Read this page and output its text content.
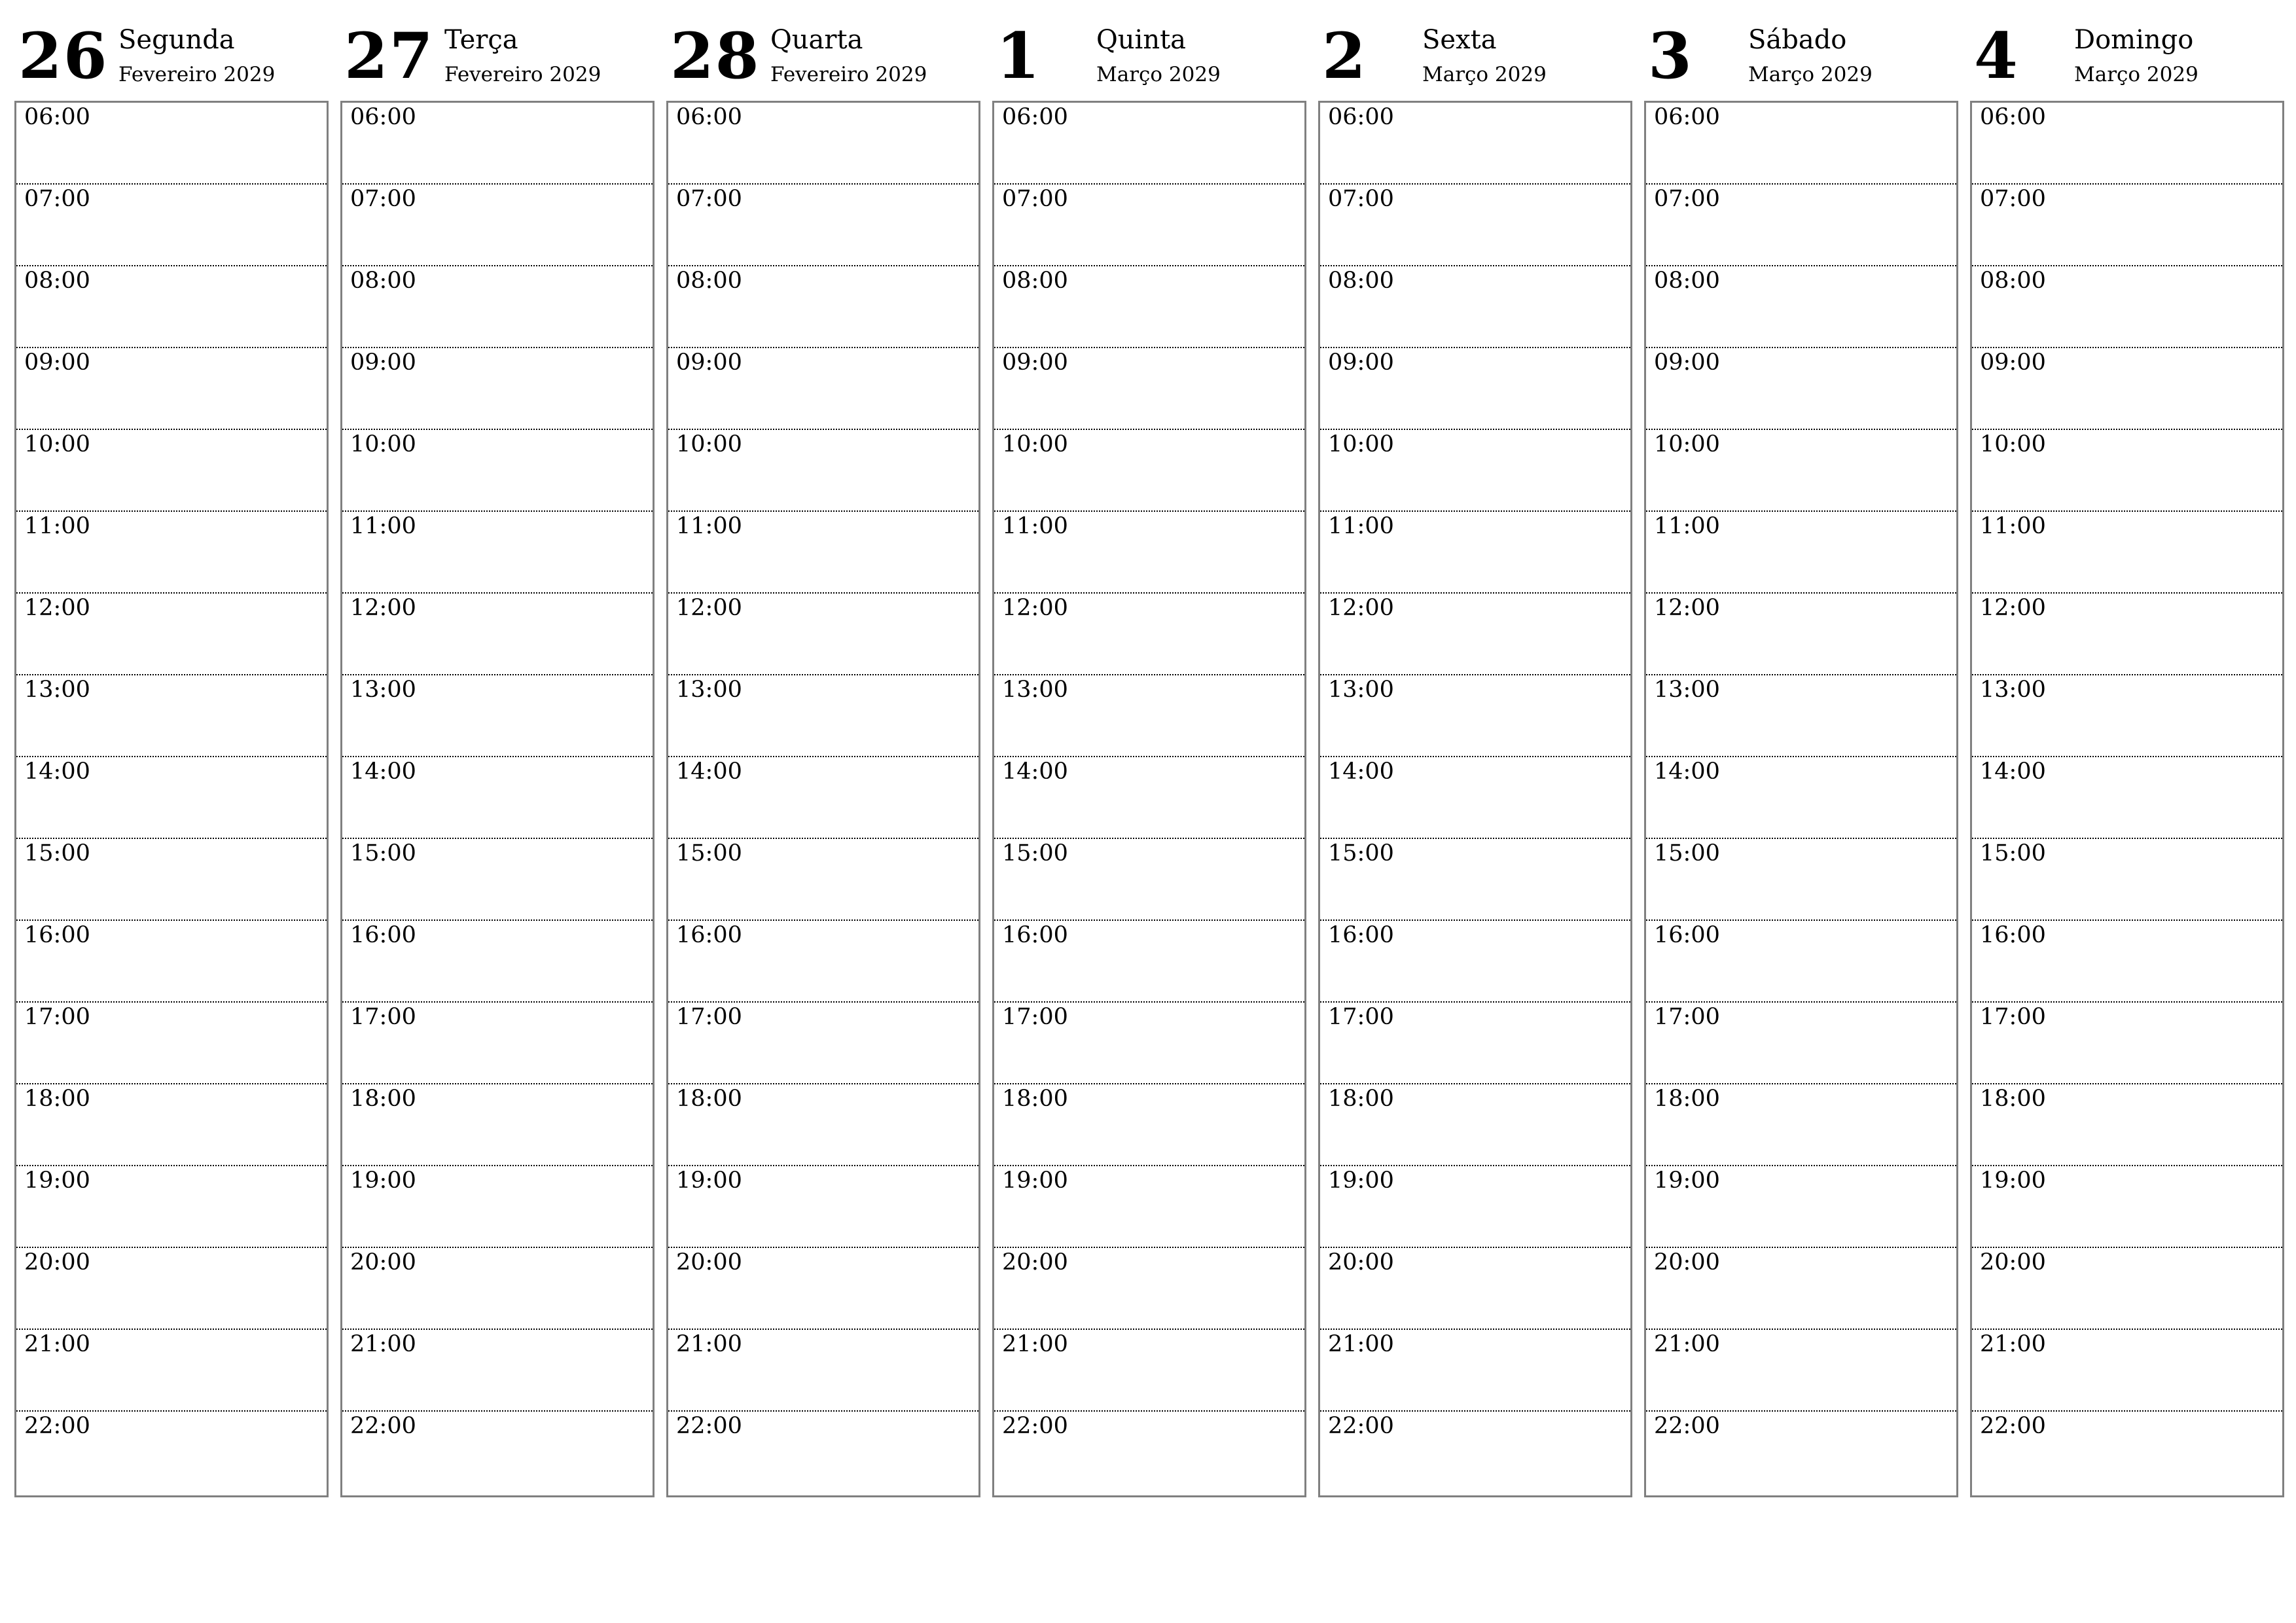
26 Segunda
Fevereiro 2029
06:00
07:00
08:00
09:00
10:00
11:00
12:00
13:00
14:00
15:00
16:00
17:00
18:00
19:00
20:00
21:00
22:00
27 Terça
Fevereiro 2029
06:00
07:00
08:00
09:00
10:00
11:00
12:00
13:00
14:00
15:00
16:00
17:00
18:00
19:00
20:00
21:00
22:00
28 Quarta
Fevereiro 2029
06:00
07:00
08:00
09:00
10:00
11:00
12:00
13:00
14:00
15:00
16:00
17:00
18:00
19:00
20:00
21:00
22:00
1 Quinta
Março 2029
06:00
07:00
08:00
09:00
10:00
11:00
12:00
13:00
14:00
15:00
16:00
17:00
18:00
19:00
20:00
21:00
22:00
2 Sexta
Março 2029
06:00
07:00
08:00
09:00
10:00
11:00
12:00
13:00
14:00
15:00
16:00
17:00
18:00
19:00
20:00
21:00
22:00
3 Sábado
Março 2029
06:00
07:00
08:00
09:00
10:00
11:00
12:00
13:00
14:00
15:00
16:00
17:00
18:00
19:00
20:00
21:00
22:00
4 Domingo
Março 2029
06:00
07:00
08:00
09:00
10:00
11:00
12:00
13:00
14:00
15:00
16:00
17:00
18:00
19:00
20:00
21:00
22:00
